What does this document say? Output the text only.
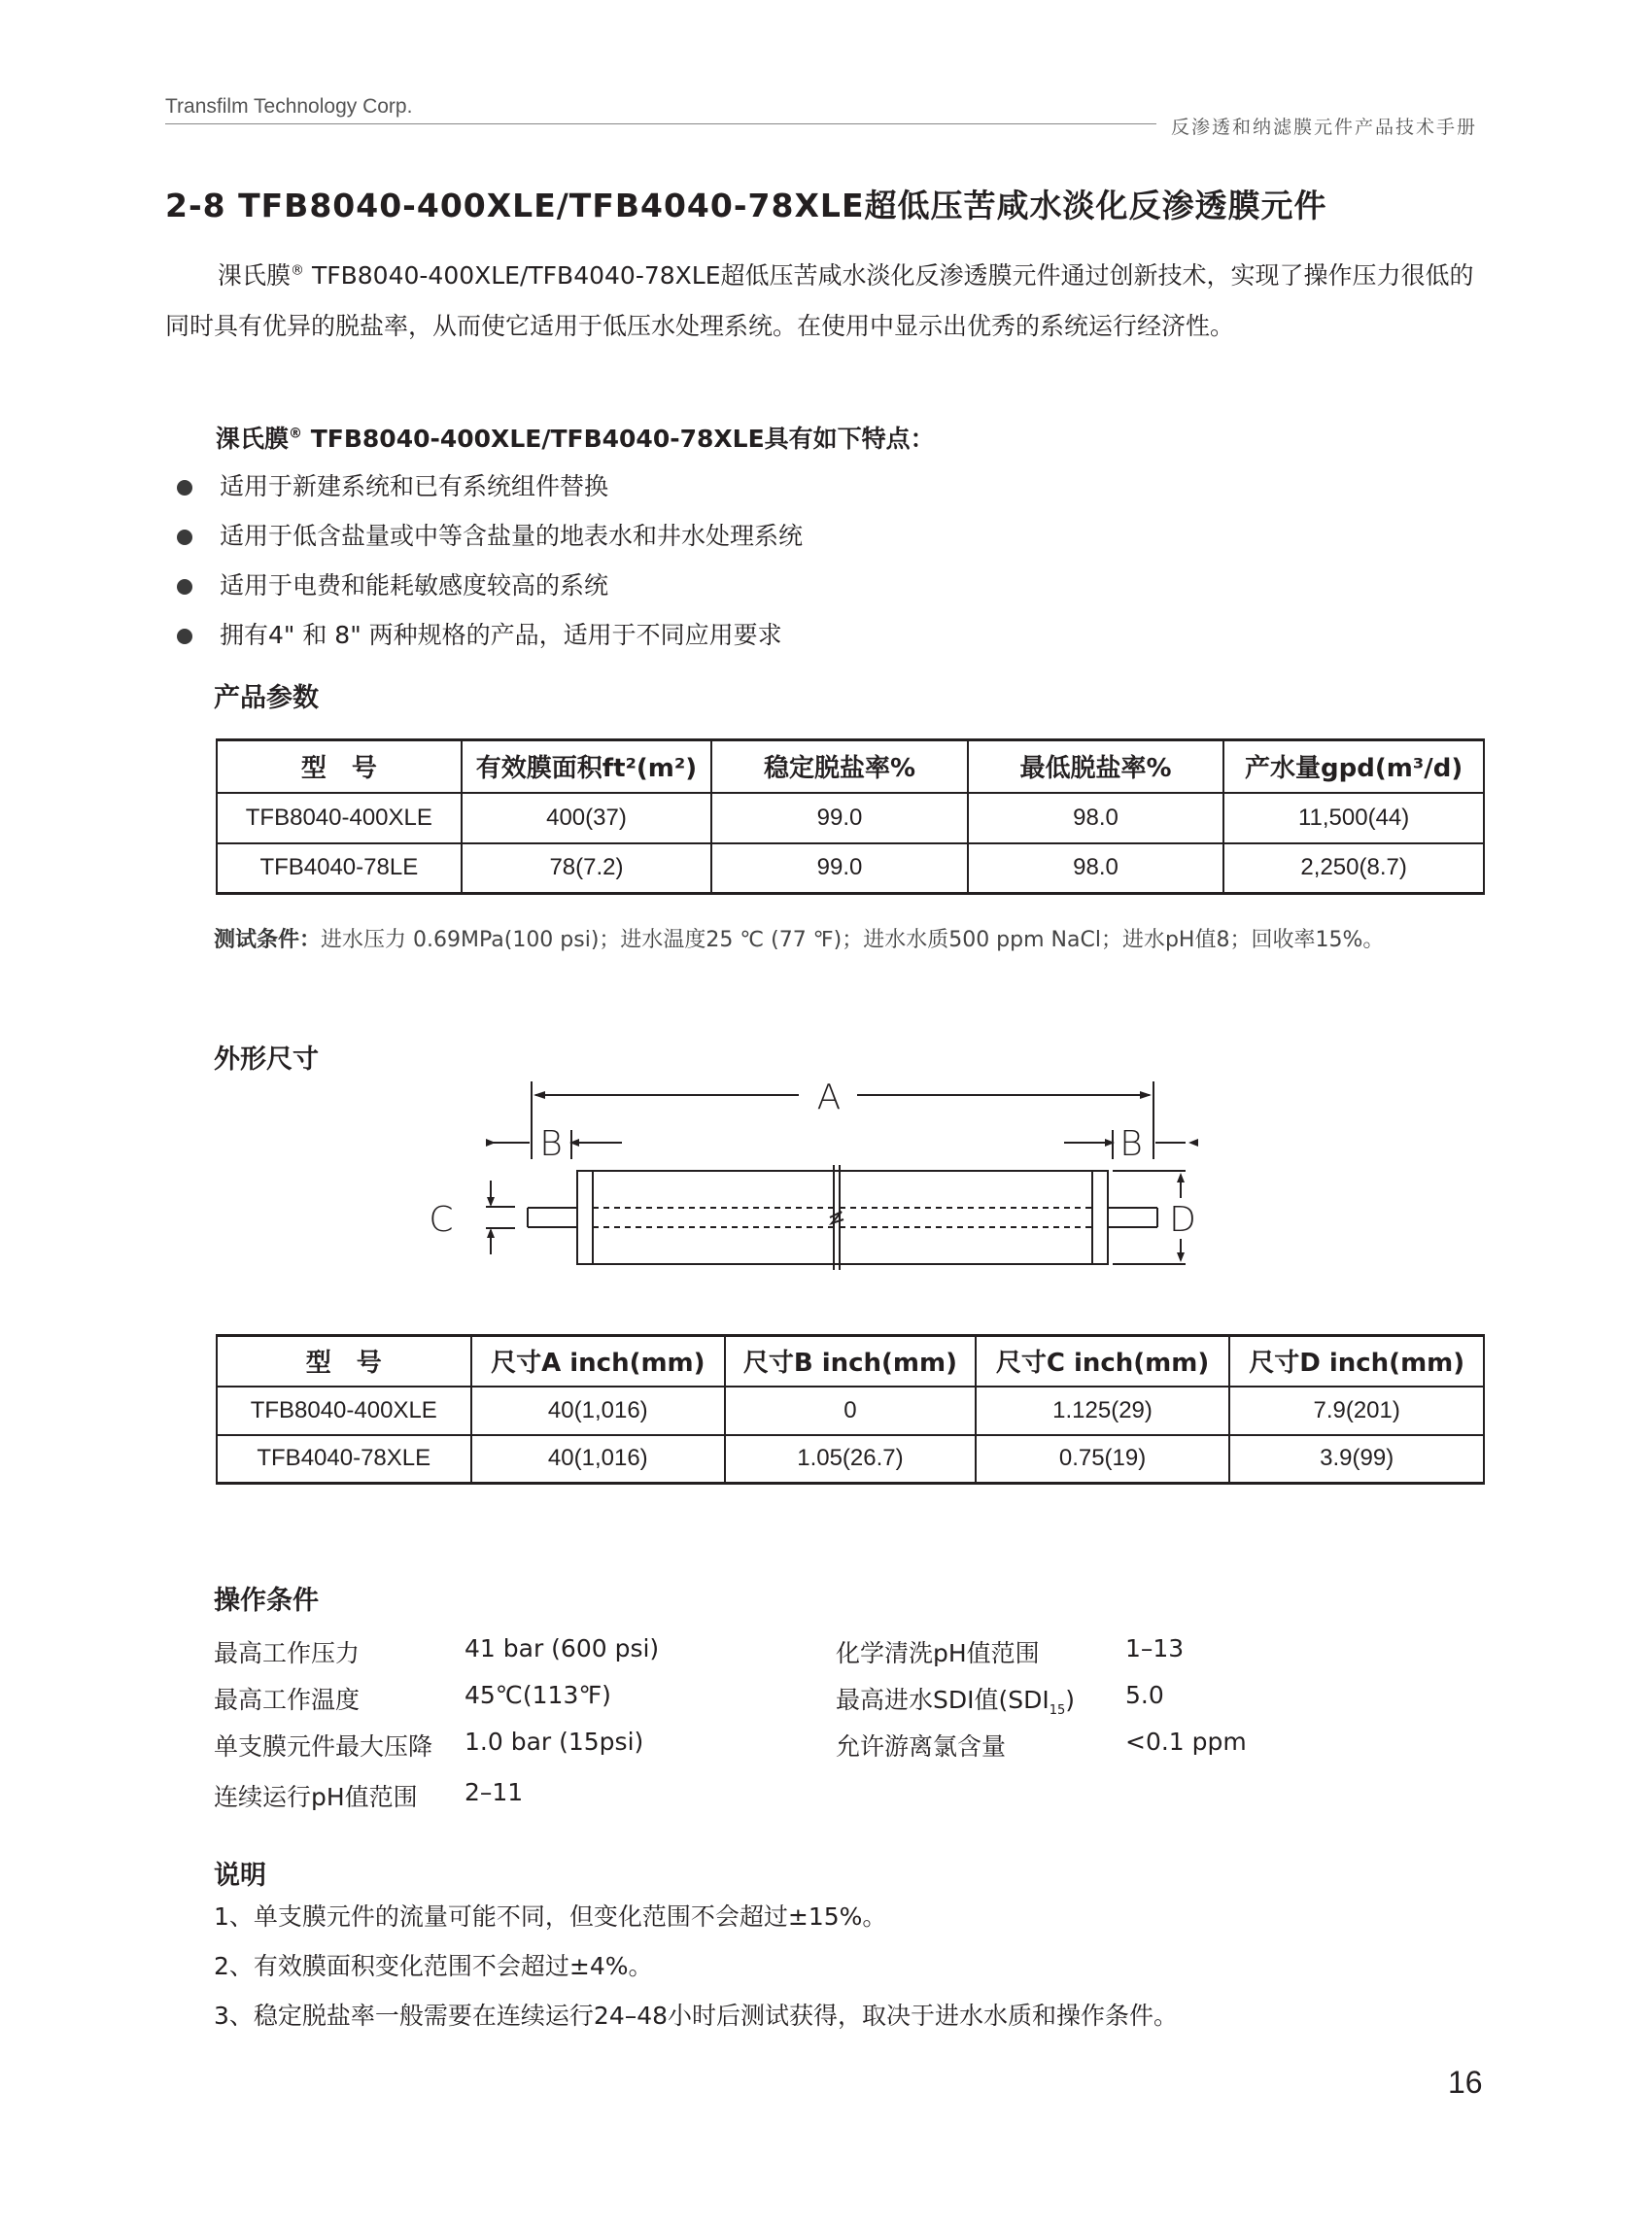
Transfilm Technology Corp.
反渗透和纳滤膜元件产品技术手册
2-8 TFB8040-400XLE/TFB4040-78XLE超低压苦咸水淡化反渗透膜元件
淉氏膜® TFB8040-400XLE/TFB4040-78XLE超低压苦咸水淡化反渗透膜元件通过创新技术，实现了操作压力很低的同时具有优异的脱盐率，从而使它适用于低压水处理系统。在使用中显示出优秀的系统运行经济性。
淉氏膜® TFB8040-400XLE/TFB4040-78XLE具有如下特点：
适用于新建系统和已有系统组件替换
适用于低含盐量或中等含盐量的地表水和井水处理系统
适用于电费和能耗敏感度较高的系统
拥有4" 和 8" 两种规格的产品，适用于不同应用要求
产品参数
型　号	有效膜面积ft²(m²)	稳定脱盐率%	最低脱盐率%	产水量gpd(m³/d)
TFB8040-400XLE	400(37)	99.0	98.0	11,500(44)
TFB4040-78LE	78(7.2)	99.0	98.0	2,250(8.7)
测试条件：进水压力 0.69MPa(100 psi)；进水温度25 ℃ (77 ℉)；进水水质500 ppm NaCl；进水pH值8；回收率15%。
外形尺寸
A
B	B
C	D
型　号	尺寸A inch(mm)	尺寸B inch(mm)	尺寸C inch(mm)	尺寸D inch(mm)
TFB8040-400XLE	40(1,016)	0	1.125(29)	7.9(201)
TFB4040-78XLE	40(1,016)	1.05(26.7)	0.75(19)	3.9(99)
操作条件
最高工作压力	41 bar (600 psi)
最高工作温度	45℃(113℉)
单支膜元件最大压降 1.0 bar (15psi)
连续运行pH值范围 2–11
化学清洗pH值范围	1–13
最高进水SDI值$(SDI_{15})$ 5.0
允许游离氯含量	<0.1 ppm
说明

1、单支膜元件的流量可能不同，但变化范围不会超过±15%。

2、有效膜面积变化范围不会超过±4%。

3、稳定脱盐率一般需要在连续运行24–48小时后测试获得，取决于进水水质和操作条件。

16
